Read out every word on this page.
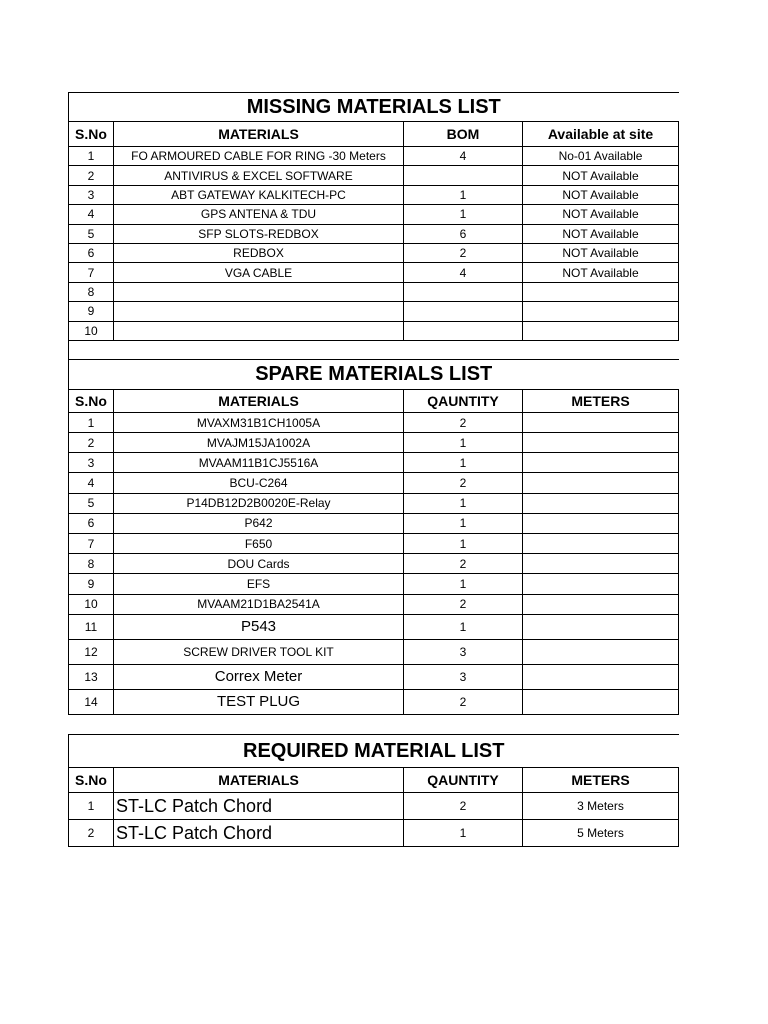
MISSING MATERIALS LIST			
S.No	MATERIALS	BOM	Available at site
1	FO ARMOURED CABLE FOR RING -30 Meters	4	No-01 Available
2	ANTIVIRUS & EXCEL SOFTWARE		NOT Available
3	ABT GATEWAY KALKITECH-PC	1	NOT Available
4	GPS ANTENA & TDU	1	NOT Available
5	SFP SLOTS-REDBOX	6	NOT Available
6	REDBOX	2	NOT Available
7	VGA CABLE	4	NOT Available
8			
9			
10			

SPARE MATERIALS LIST			
S.No	MATERIALS	QAUNTITY	METERS
1	MVAXM31B1CH1005A	2	
2	MVAJM15JA1002A	1	
3	MVAAM11B1CJ5516A	1	
4	BCU-C264	2	
5	P14DB12D2B0020E-Relay	1	
6	P642	1	
7	F650	1	
8	DOU Cards	2	
9	EFS	1	
10	MVAAM21D1BA2541A	2	
11	P543	1	
12	SCREW DRIVER TOOL KIT	3	
13	Correx Meter	3	
14	TEST PLUG	2	
REQUIRED MATERIAL LIST			
S.No	MATERIALS	QAUNTITY	METERS
1	ST-LC Patch Chord	2	3 Meters
2	ST-LC Patch Chord	1	5 Meters
